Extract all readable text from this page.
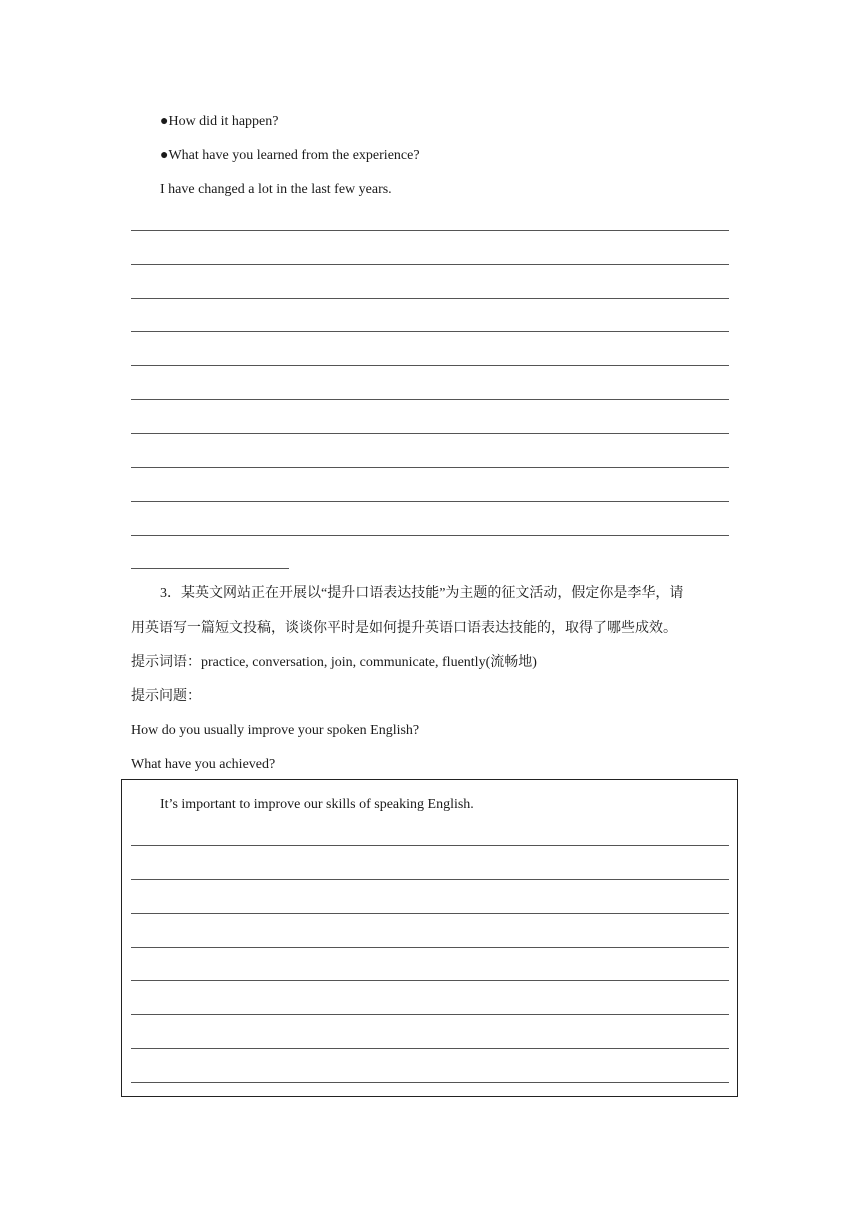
●How did it happen?
●What have you learned from the experience?
I have changed a lot in the last few years.
3．某英文网站正在开展以“提升口语表达技能”为主题的征文活动，假定你是李华，请
用英语写一篇短文投稿，谈谈你平时是如何提升英语口语表达技能的，取得了哪些成效。
提示词语：practice, conversation, join, communicate, fluently(流畅地)
提示问题：
How do you usually improve your spoken English?
What have you achieved?
It’s important to improve our skills of speaking English.
